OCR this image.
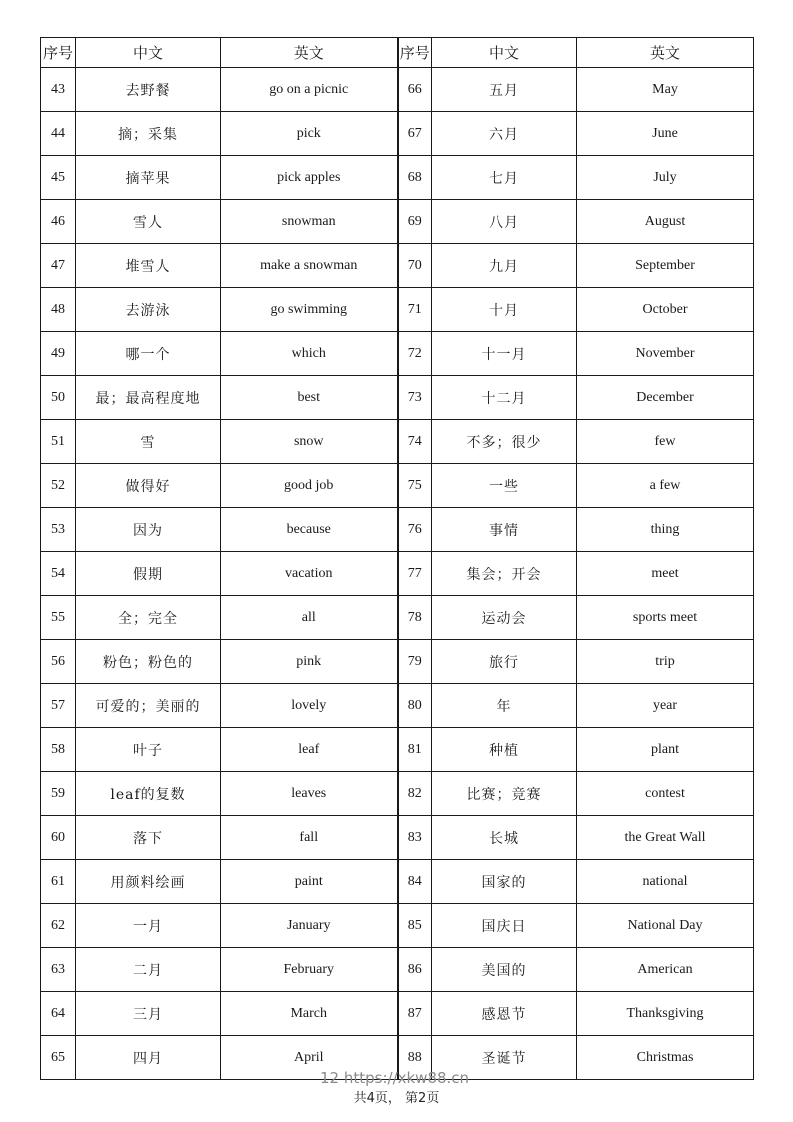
序号	中文	英文	序号	中文	英文
43	去野餐	go on a picnic	66	五月	May
44	摘；采集	pick	67	六月	June
45	摘苹果	pick apples	68	七月	July
46	雪人	snowman	69	八月	August
47	堆雪人	make a snowman	70	九月	September
48	去游泳	go swimming	71	十月	October
49	哪一个	which	72	十一月	November
50	最；最高程度地	best	73	十二月	December
51	雪	snow	74	不多；很少	few
52	做得好	good job	75	一些	a few
53	因为	because	76	事情	thing
54	假期	vacation	77	集会；开会	meet
55	全；完全	all	78	运动会	sports meet
56	粉色；粉色的	pink	79	旅行	trip
57	可爱的；美丽的	lovely	80	年	year
58	叶子	leaf	81	种植	plant
59	leaf的复数	leaves	82	比赛；竞赛	contest
60	落下	fall	83	长城	the Great Wall
61	用颜料绘画	paint	84	国家的	national
62	一月	January	85	国庆日	National Day
63	二月	February	86	美国的	American
64	三月	March	87	感恩节	Thanksgiving
65	四月	April	88	圣诞节	Christmas
12 https://xkw88.cn
共4页， 第2页
